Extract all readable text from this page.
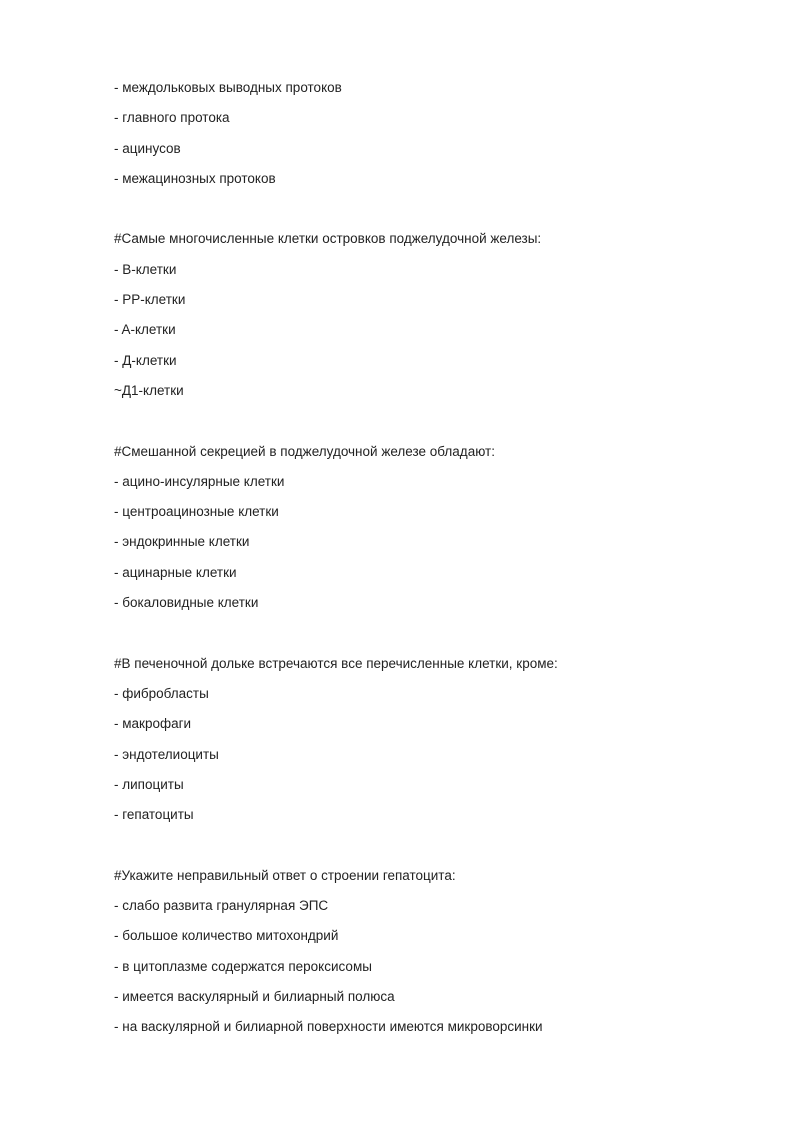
- междольковых выводных протоков

- главного протока

- ацинусов

- межацинозных протоков

#Самые многочисленные клетки островков поджелудочной железы:

- B-клетки

- PP-клетки

- A-клетки

- Д-клетки

~Д1-клетки

#Смешанной секрецией в поджелудочной железе обладают:

- ацино-инсулярные клетки

- центроацинозные клетки

- эндокринные клетки

- ацинарные клетки

- бокаловидные клетки

#В печеночной дольке встречаются все перечисленные клетки, кроме:

- фибробласты

- макрофаги

- эндотелиоциты

- липоциты

- гепатоциты

#Укажите неправильный ответ о строении гепатоцита:

- слабо развита гранулярная ЭПС

- большое количество митохондрий

- в цитоплазме содержатся пероксисомы

- имеется васкулярный и билиарный полюса

- на васкулярной и билиарной поверхности имеются микроворсинки
